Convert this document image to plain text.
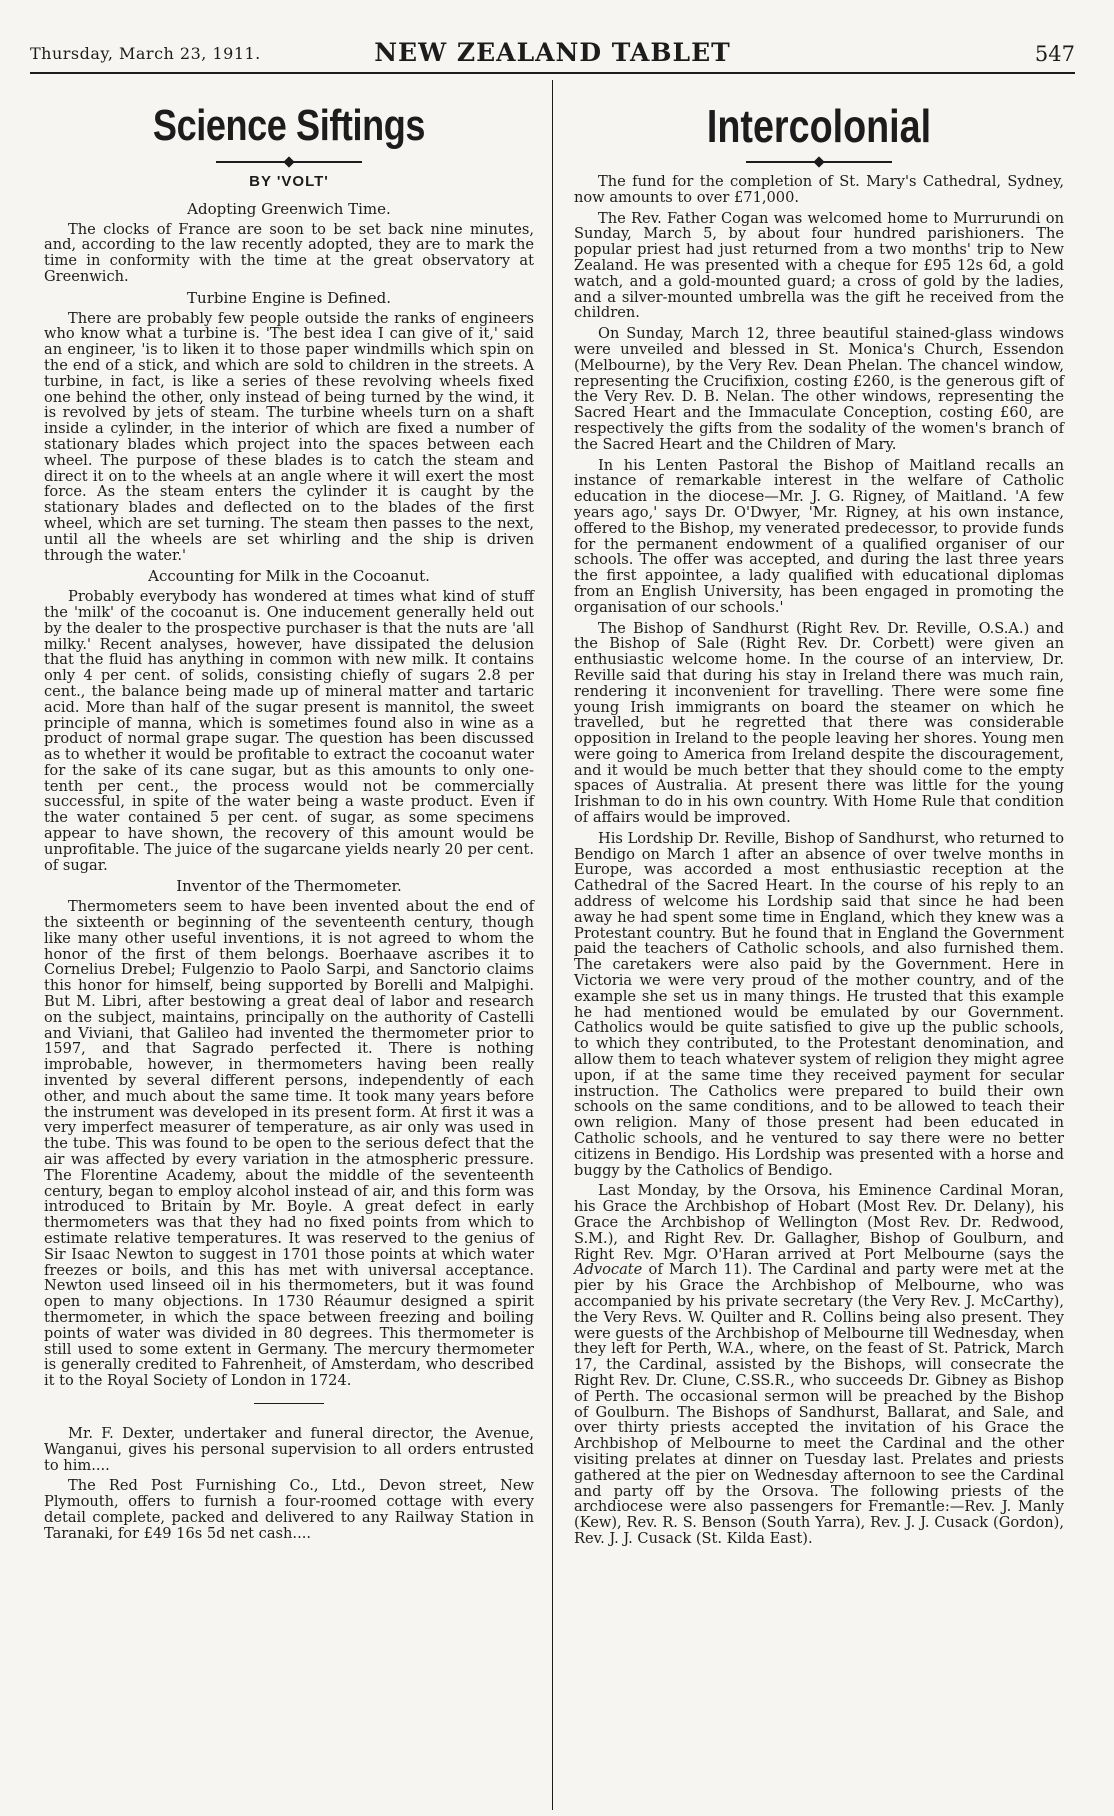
Thursday, March 23, 1911.	NEW ZEALAND TABLET	547
Science Siftings
BY 'VOLT'
Adopting Greenwich Time.

The clocks of France are soon to be set back nine minutes, and, according to the law recently adopted, they are to mark the time in conformity with the time at the great observatory at Greenwich.

Turbine Engine is Defined.

There are probably few people outside the ranks of engineers who know what a turbine is. 'The best idea I can give of it,' said an engineer, 'is to liken it to those paper windmills which spin on the end of a stick, and which are sold to children in the streets. A turbine, in fact, is like a series of these revolving wheels fixed one behind the other, only instead of being turned by the wind, it is revolved by jets of steam. The turbine wheels turn on a shaft inside a cylinder, in the interior of which are fixed a number of stationary blades which project into the spaces between each wheel. The purpose of these blades is to catch the steam and direct it on to the wheels at an angle where it will exert the most force. As the steam enters the cylinder it is caught by the stationary blades and deflected on to the blades of the first wheel, which are set turning. The steam then passes to the next, until all the wheels are set whirling and the ship is driven through the water.'

Accounting for Milk in the Cocoanut.

Probably everybody has wondered at times what kind of stuff the 'milk' of the cocoanut is. One inducement generally held out by the dealer to the prospective purchaser is that the nuts are 'all milky.' Recent analyses, however, have dissipated the delusion that the fluid has anything in common with new milk. It contains only 4 per cent. of solids, consisting chiefly of sugars 2.8 per cent., the balance being made up of mineral matter and tartaric acid. More than half of the sugar present is mannitol, the sweet principle of manna, which is sometimes found also in wine as a product of normal grape sugar. The question has been discussed as to whether it would be profitable to extract the cocoanut water for the sake of its cane sugar, but as this amounts to only one-tenth per cent., the process would not be commercially successful, in spite of the water being a waste product. Even if the water contained 5 per cent. of sugar, as some specimens appear to have shown, the recovery of this amount would be unprofitable. The juice of the sugarcane yields nearly 20 per cent. of sugar.

Inventor of the Thermometer.

Thermometers seem to have been invented about the end of the sixteenth or beginning of the seventeenth century, though like many other useful inventions, it is not agreed to whom the honor of the first of them belongs. Boerhaave ascribes it to Cornelius Drebel; Fulgenzio to Paolo Sarpi, and Sanctorio claims this honor for himself, being supported by Borelli and Malpighi. But M. Libri, after bestowing a great deal of labor and research on the subject, maintains, principally on the authority of Castelli and Viviani, that Galileo had invented the thermometer prior to 1597, and that Sagrado perfected it. There is nothing improbable, however, in thermometers having been really invented by several different persons, independently of each other, and much about the same time. It took many years before the instrument was developed in its present form. At first it was a very imperfect measurer of temperature, as air only was used in the tube. This was found to be open to the serious defect that the air was affected by every variation in the atmospheric pressure. The Florentine Academy, about the middle of the seventeenth century, began to employ alcohol instead of air, and this form was introduced to Britain by Mr. Boyle. A great defect in early thermometers was that they had no fixed points from which to estimate relative temperatures. It was reserved to the genius of Sir Isaac Newton to suggest in 1701 those points at which water freezes or boils, and this has met with universal acceptance. Newton used linseed oil in his thermometers, but it was found open to many objections. In 1730 Réaumur designed a spirit thermometer, in which the space between freezing and boiling points of water was divided in 80 degrees. This thermometer is still used to some extent in Germany. The mercury thermometer is generally credited to Fahrenheit, of Amsterdam, who described it to the Royal Society of London in 1724.

Mr. F. Dexter, undertaker and funeral director, the Avenue, Wanganui, gives his personal supervision to all orders entrusted to him....

The Red Post Furnishing Co., Ltd., Devon street, New Plymouth, offers to furnish a four-roomed cottage with every detail complete, packed and delivered to any Railway Station in Taranaki, for £49 16s 5d net cash....

Intercolonial

The fund for the completion of St. Mary's Cathedral, Sydney, now amounts to over £71,000.

The Rev. Father Cogan was welcomed home to Murrurundi on Sunday, March 5, by about four hundred parishioners. The popular priest had just returned from a two months' trip to New Zealand. He was presented with a cheque for £95 12s 6d, a gold watch, and a gold-mounted guard; a cross of gold by the ladies, and a silver-mounted umbrella was the gift he received from the children.

On Sunday, March 12, three beautiful stained-glass windows were unveiled and blessed in St. Monica's Church, Essendon (Melbourne), by the Very Rev. Dean Phelan. The chancel window, representing the Crucifixion, costing £260, is the generous gift of the Very Rev. D. B. Nelan. The other windows, representing the Sacred Heart and the Immaculate Conception, costing £60, are respectively the gifts from the sodality of the women's branch of the Sacred Heart and the Children of Mary.

In his Lenten Pastoral the Bishop of Maitland recalls an instance of remarkable interest in the welfare of Catholic education in the diocese—Mr. J. G. Rigney, of Maitland. 'A few years ago,' says Dr. O'Dwyer, 'Mr. Rigney, at his own instance, offered to the Bishop, my venerated predecessor, to provide funds for the permanent endowment of a qualified organiser of our schools. The offer was accepted, and during the last three years the first appointee, a lady qualified with educational diplomas from an English University, has been engaged in promoting the organisation of our schools.'

The Bishop of Sandhurst (Right Rev. Dr. Reville, O.S.A.) and the Bishop of Sale (Right Rev. Dr. Corbett) were given an enthusiastic welcome home. In the course of an interview, Dr. Reville said that during his stay in Ireland there was much rain, rendering it inconvenient for travelling. There were some fine young Irish immigrants on board the steamer on which he travelled, but he regretted that there was considerable opposition in Ireland to the people leaving her shores. Young men were going to America from Ireland despite the discouragement, and it would be much better that they should come to the empty spaces of Australia. At present there was little for the young Irishman to do in his own country. With Home Rule that condition of affairs would be improved.

His Lordship Dr. Reville, Bishop of Sandhurst, who returned to Bendigo on March 1 after an absence of over twelve months in Europe, was accorded a most enthusiastic reception at the Cathedral of the Sacred Heart. In the course of his reply to an address of welcome his Lordship said that since he had been away he had spent some time in England, which they knew was a Protestant country. But he found that in England the Government paid the teachers of Catholic schools, and also furnished them. The caretakers were also paid by the Government. Here in Victoria we were very proud of the mother country, and of the example she set us in many things. He trusted that this example he had mentioned would be emulated by our Government. Catholics would be quite satisfied to give up the public schools, to which they contributed, to the Protestant denomination, and allow them to teach whatever system of religion they might agree upon, if at the same time they received payment for secular instruction. The Catholics were prepared to build their own schools on the same conditions, and to be allowed to teach their own religion. Many of those present had been educated in Catholic schools, and he ventured to say there were no better citizens in Bendigo. His Lordship was presented with a horse and buggy by the Catholics of Bendigo.

Last Monday, by the Orsova, his Eminence Cardinal Moran, his Grace the Archbishop of Hobart (Most Rev. Dr. Delany), his Grace the Archbishop of Wellington (Most Rev. Dr. Redwood, S.M.), and Right Rev. Dr. Gallagher, Bishop of Goulburn, and Right Rev. Mgr. O'Haran arrived at Port Melbourne (says the Advocate of March 11). The Cardinal and party were met at the pier by his Grace the Archbishop of Melbourne, who was accompanied by his private secretary (the Very Rev. J. McCarthy), the Very Revs. W. Quilter and R. Collins being also present. They were guests of the Archbishop of Melbourne till Wednesday, when they left for Perth, W.A., where, on the feast of St. Patrick, March 17, the Cardinal, assisted by the Bishops, will consecrate the Right Rev. Dr. Clune, C.SS.R., who succeeds Dr. Gibney as Bishop of Perth. The occasional sermon will be preached by the Bishop of Goulburn. The Bishops of Sandhurst, Ballarat, and Sale, and over thirty priests accepted the invitation of his Grace the Archbishop of Melbourne to meet the Cardinal and the other visiting prelates at dinner on Tuesday last. Prelates and priests gathered at the pier on Wednesday afternoon to see the Cardinal and party off by the Orsova. The following priests of the archdiocese were also passengers for Fremantle:—Rev. J. Manly (Kew), Rev. R. S. Benson (South Yarra), Rev. J. J. Cusack (Gordon), Rev. J. J. Cusack (St. Kilda East).
